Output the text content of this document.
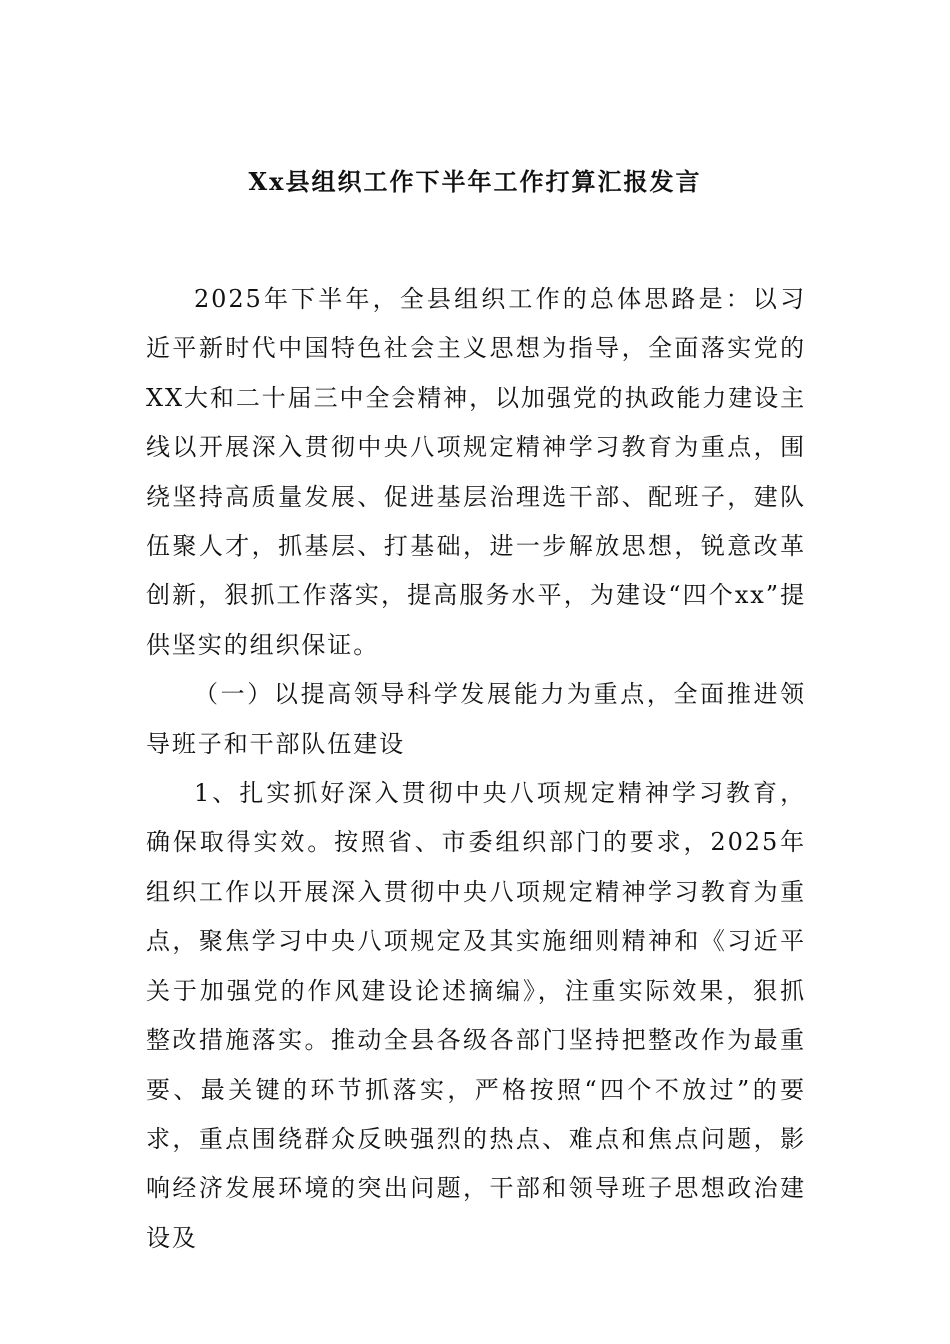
Xx县组织工作下半年工作打算汇报发言

2025年下半年，全县组织工作的总体思路是：以习近平新时代中国特色社会主义思想为指导，全面落实党的XX大和二十届三中全会精神，以加强党的执政能力建设主线以开展深入贯彻中央八项规定精神学习教育为重点，围绕坚持高质量发展、促进基层治理选干部、配班子，建队伍聚人才，抓基层、打基础，进一步解放思想，锐意改革创新，狠抓工作落实，提高服务水平，为建设“四个xx”提供坚实的组织保证。

（一）以提高领导科学发展能力为重点，全面推进领导班子和干部队伍建设

1、扎实抓好深入贯彻中央八项规定精神学习教育，确保取得实效。按照省、市委组织部门的要求，2025年组织工作以开展深入贯彻中央八项规定精神学习教育为重点，聚焦学习中央八项规定及其实施细则精神和《习近平关于加强党的作风建设论述摘编》，注重实际效果，狠抓整改措施落实。推动全县各级各部门坚持把整改作为最重要、最关键的环节抓落实，严格按照“四个不放过”的要求，重点围绕群众反映强烈的热点、难点和焦点问题，影响经济发展环境的突出问题，干部和领导班子思想政治建设及
